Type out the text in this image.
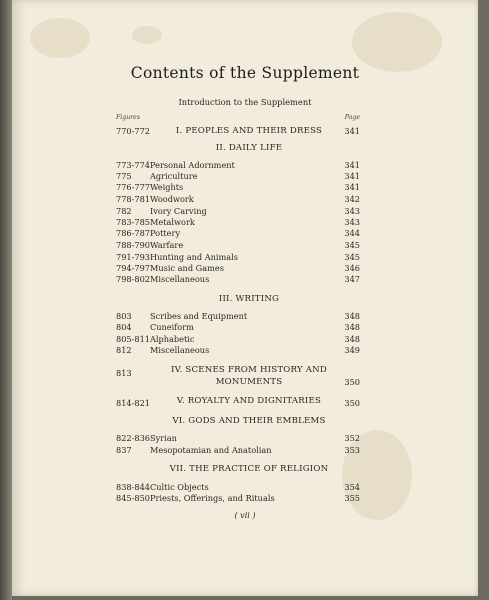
Contents of the Supplement
Introduction to the Supplement
Figures	Page
770-772	I. PEOPLES AND THEIR DRESS	341
II. DAILY LIFE
773-774 Personal Adornment	341
775 Agriculture	341
776-777 Weights	341
778-781 Woodwork	342
782 Ivory Carving	343
783-785 Metalwork	343
786-787 Pottery	344
788-790 Warfare	345
791-793 Hunting and Animals	345
794-797 Music and Games	346
798-802 Miscellaneous	347
III. WRITING
803 Scribes and Equipment	348
804 Cuneiform	348
805-811 Alphabetic	348
812 Miscellaneous	349
813	IV. SCENES FROM HISTORY AND MONUMENTS	350
814-821	V. ROYALTY AND DIGNITARIES	350
VI. GODS AND THEIR EMBLEMS
822-836 Syrian	352
837 Mesopotamian and Anatolian	353
VII. THE PRACTICE OF RELIGION
838-844 Cultic Objects	354
845-850 Priests, Offerings, and Rituals	355
( vii )
